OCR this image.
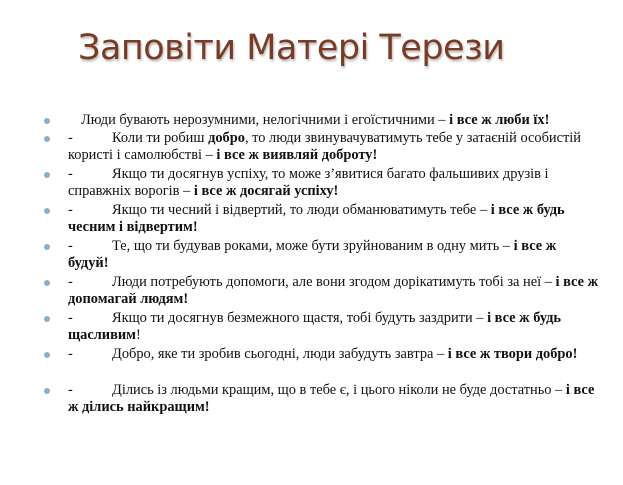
Заповіти Матері Терези
Люди бувають нерозумними, нелогічними і егоїстичними – і все ж люби їх!
-	Коли ти робиш добро, то люди звинувачуватимуть тебе у затаєній особистій користі і самолюбстві – і все ж виявляй доброту!
-	Якщо ти досягнув успіху, то може з’явитися багато фальшивих друзів і справжніх ворогів – і все ж досягай успіху!
-	Якщо ти чесний і відвертий, то люди обманюватимуть тебе – і все ж будь чесним і відвертим!
-	Те, що ти будував роками, може бути зруйнованим в одну мить – і все ж будуй!
-	Люди потребують допомоги, але вони згодом дорікатимуть тобі за неї – і все ж допомагай людям!
-	Якщо ти досягнув безмежного щастя, тобі будуть заздрити – і все ж будь щасливим!
-	Добро, яке ти зробив сьогодні, люди забудуть завтра – і все ж твори добро!
-	Ділись із людьми кращим, що в тебе є, і цього ніколи не буде достатньо – і все ж ділись найкращим!
